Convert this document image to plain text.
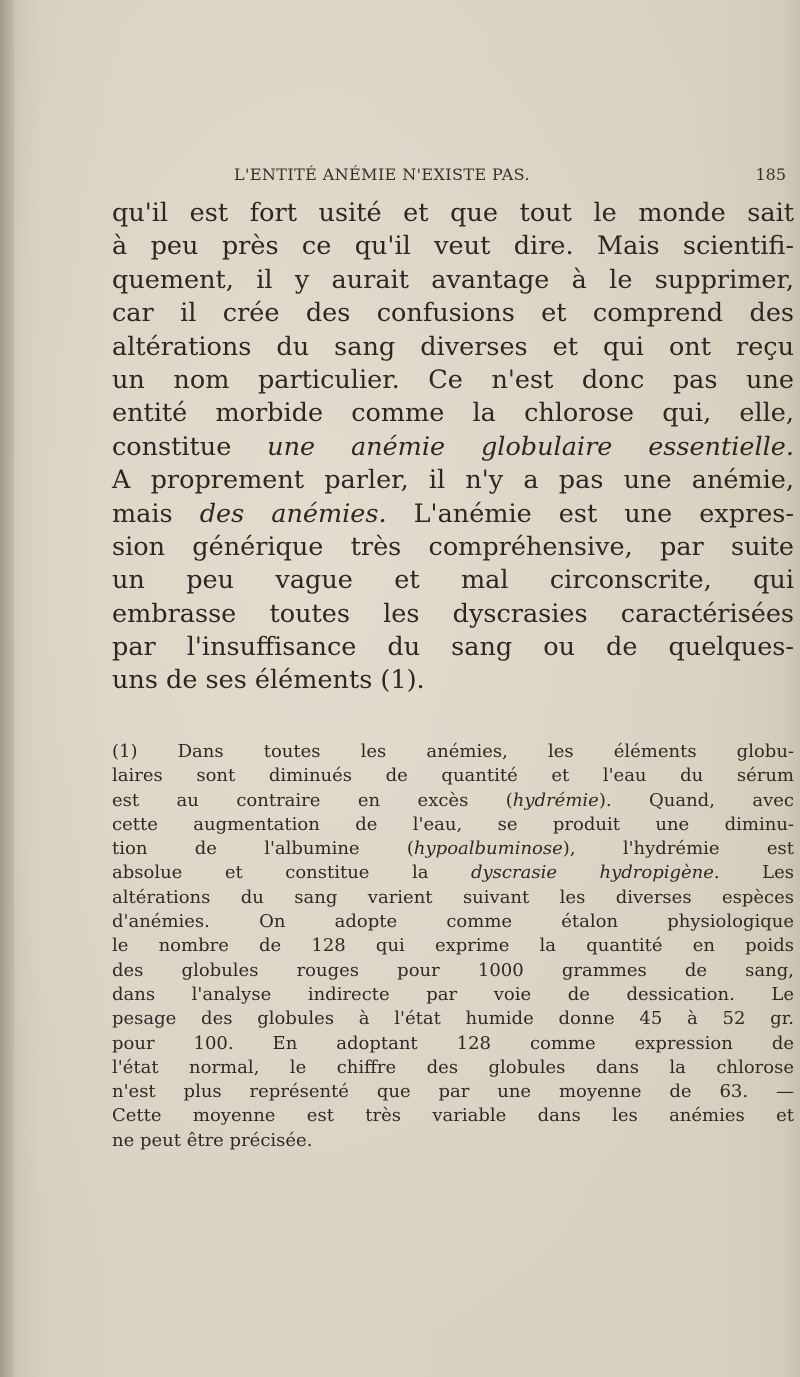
L'ENTITÉ ANÉMIE N'EXISTE PAS.	185
qu'il est fort usité et que tout le monde sait
à peu près ce qu'il veut dire. Mais scientifi-
quement, il y aurait avantage à le supprimer,
car il crée des confusions et comprend des
altérations du sang diverses et qui ont reçu
un nom particulier. Ce n'est donc pas une
entité morbide comme la chlorose qui, elle,
constitue une anémie globulaire essentielle.
A proprement parler, il n'y a pas une anémie,
mais des anémies. L'anémie est une expres-
sion générique très compréhensive, par suite
un peu vague et mal circonscrite, qui
embrasse toutes les dyscrasies caractérisées
par l'insuffisance du sang ou de quelques-
uns de ses éléments (1).
(1) Dans toutes les anémies, les éléments globu-
laires sont diminués de quantité et l'eau du sérum
est au contraire en excès (hydrémie). Quand, avec
cette augmentation de l'eau, se produit une diminu-
tion de l'albumine (hypoalbuminose), l'hydrémie est
absolue et constitue la dyscrasie hydropigène. Les
altérations du sang varient suivant les diverses espèces
d'anémies. On adopte comme étalon physiologique
le nombre de 128 qui exprime la quantité en poids
des globules rouges pour 1000 grammes de sang,
dans l'analyse indirecte par voie de dessication. Le
pesage des globules à l'état humide donne 45 à 52 gr.
pour 100. En adoptant 128 comme expression de
l'état normal, le chiffre des globules dans la chlorose
n'est plus représenté que par une moyenne de 63. —
Cette moyenne est très variable dans les anémies et
ne peut être précisée.
